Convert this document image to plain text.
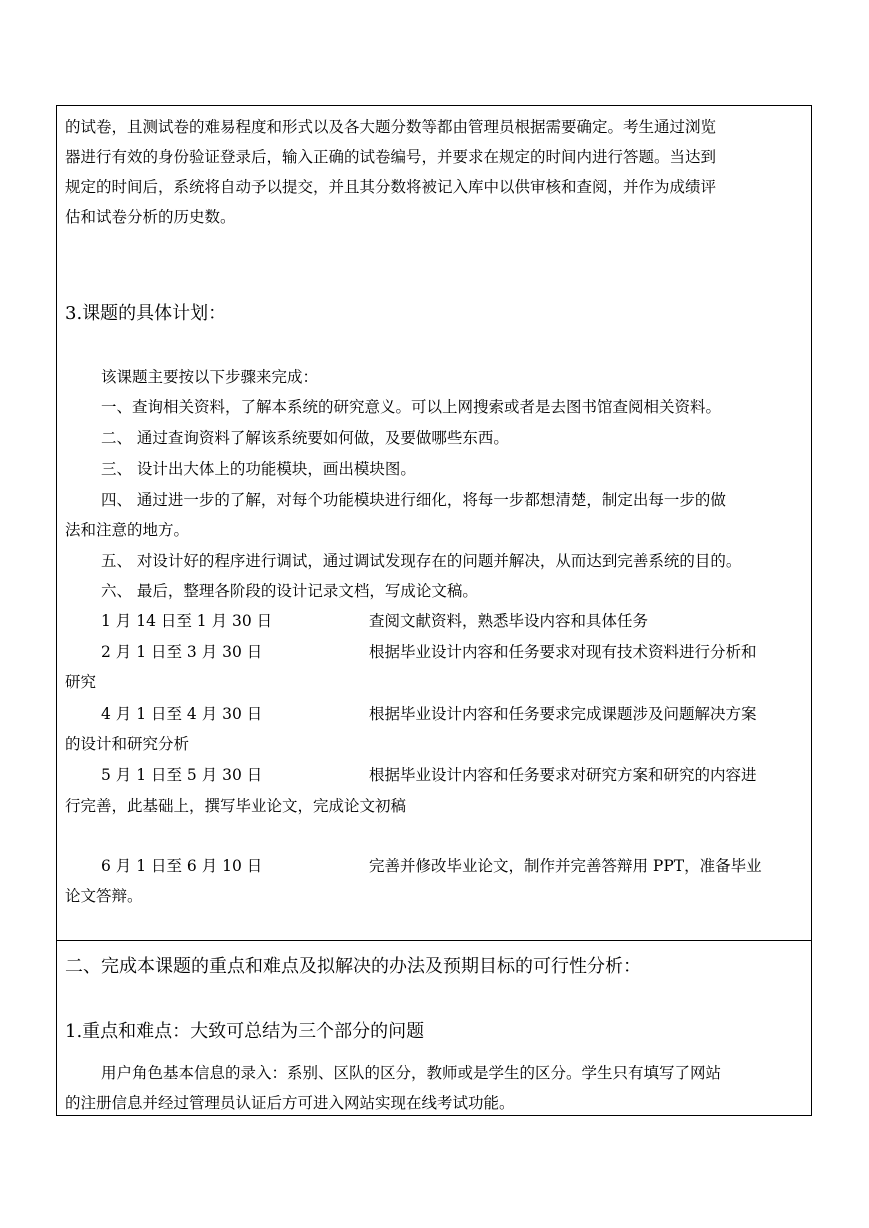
的试卷，且测试卷的难易程度和形式以及各大题分数等都由管理员根据需要确定。考生通过浏览
器进行有效的身份验证登录后，输入正确的试卷编号，并要求在规定的时间内进行答题。当达到
规定的时间后，系统将自动予以提交，并且其分数将被记入库中以供审核和查阅，并作为成绩评
估和试卷分析的历史数。
3.课题的具体计划：
该课题主要按以下步骤来完成：
一、查询相关资料，了解本系统的研究意义。可以上网搜索或者是去图书馆查阅相关资料。
二、 通过查询资料了解该系统要如何做，及要做哪些东西。
三、 设计出大体上的功能模块，画出模块图。
四、 通过进一步的了解，对每个功能模块进行细化，将每一步都想清楚，制定出每一步的做
法和注意的地方。
五、 对设计好的程序进行调试，通过调试发现存在的问题并解决，从而达到完善系统的目的。
六、 最后，整理各阶段的设计记录文档，写成论文稿。
1 月 14 日至 1 月 30 日	查阅文献资料，熟悉毕设内容和具体任务
2 月 1 日至 3 月 30 日	根据毕业设计内容和任务要求对现有技术资料进行分析和
研究
4 月 1 日至 4 月 30 日	根据毕业设计内容和任务要求完成课题涉及问题解决方案
的设计和研究分析
5 月 1 日至 5 月 30 日	根据毕业设计内容和任务要求对研究方案和研究的内容进
行完善，此基础上，撰写毕业论文，完成论文初稿
6 月 1 日至 6 月 10 日	完善并修改毕业论文，制作并完善答辩用 PPT，准备毕业
论文答辩。
二、完成本课题的重点和难点及拟解决的办法及预期目标的可行性分析：
1.重点和难点：大致可总结为三个部分的问题
用户角色基本信息的录入：系别、区队的区分，教师或是学生的区分。学生只有填写了网站
的注册信息并经过管理员认证后方可进入网站实现在线考试功能。
